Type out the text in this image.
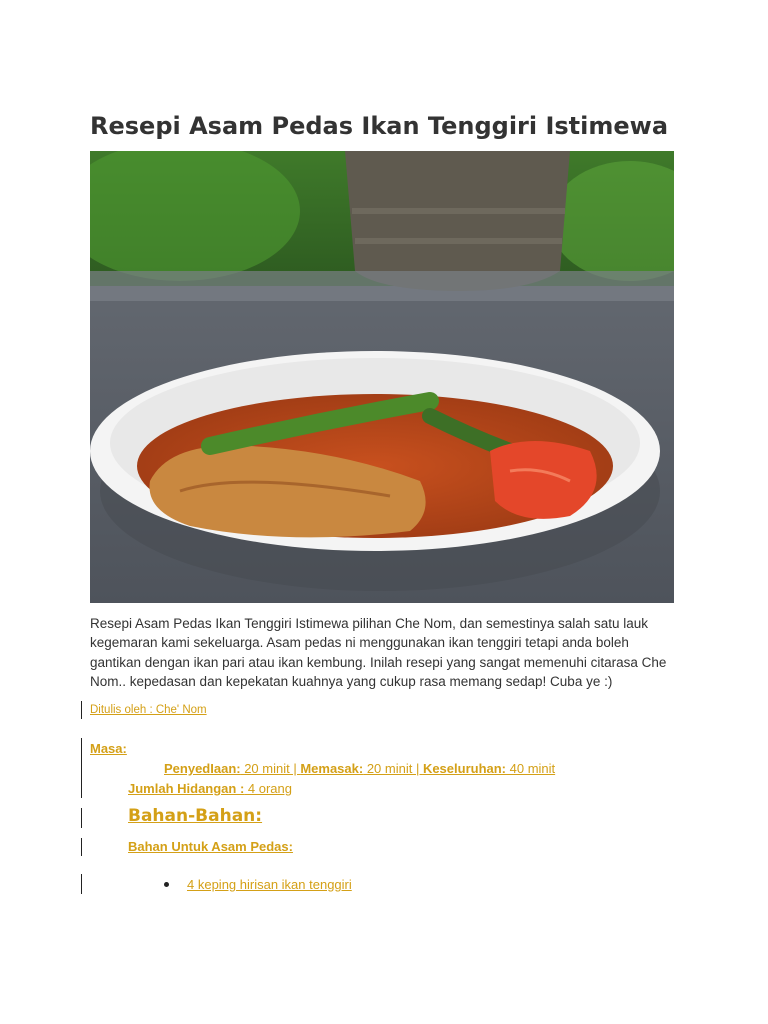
Resepi Asam Pedas Ikan Tenggiri Istimewa

Resepi Asam Pedas Ikan Tenggiri Istimewa pilihan Che Nom, dan semestinya salah satu lauk kegemaran kami sekeluarga. Asam pedas ni menggunakan ikan tenggiri tetapi anda boleh gantikan dengan ikan pari atau ikan kembung. Inilah resepi yang sangat memenuhi citarasa Che Nom.. kepedasan dan kepekatan kuahnya yang cukup rasa memang sedap! Cuba ye :)

Ditulis oleh : Che' Nom
Masa:
PenyedIaan: 20 minit | Memasak: 20 minit | Keseluruhan: 40 minit
Jumlah Hidangan : 4 orang
Bahan-Bahan:
Bahan Untuk Asam Pedas:
4 keping hirisan ikan tenggiri
